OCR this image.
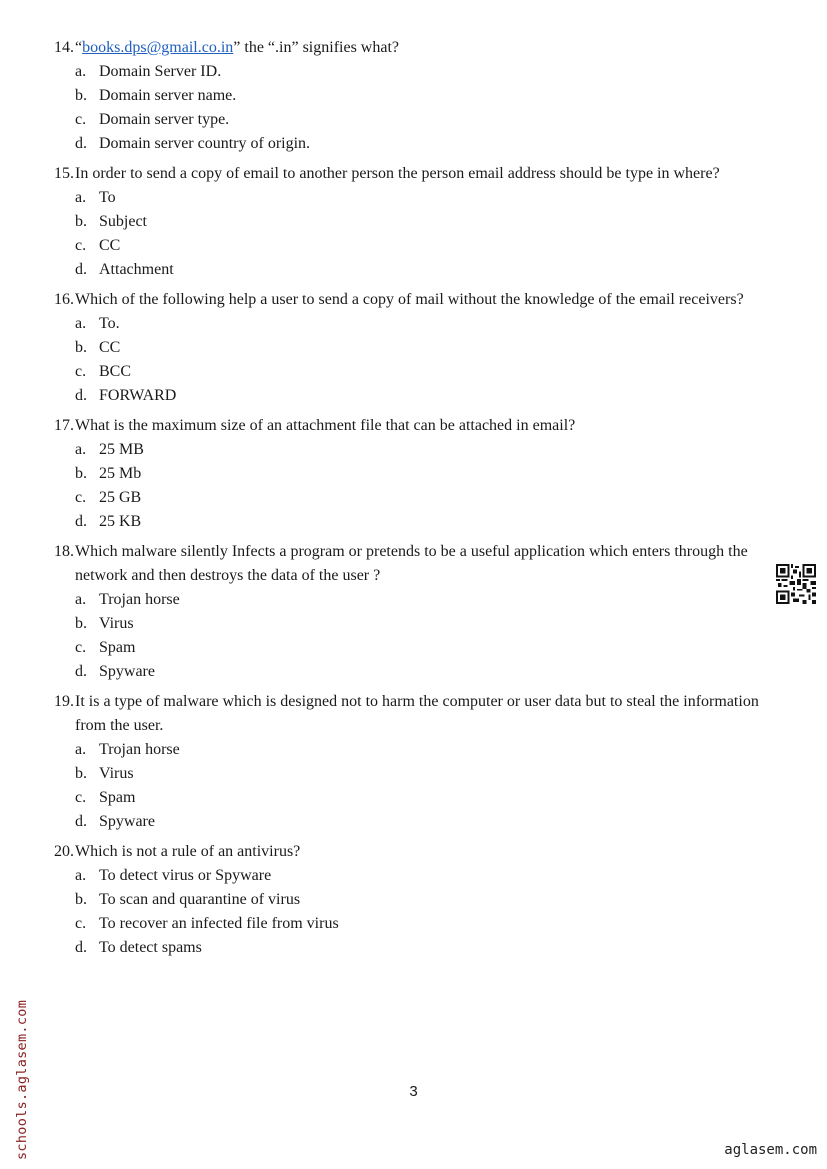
14. “books.dps@gmail.co.in” the “.in” signifies what?
a. Domain Server ID.
b. Domain server name.
c. Domain server type.
d. Domain server country of origin.
15. In order to send a copy of email to another person the person email address should be type in where?
a. To
b. Subject
c. CC
d. Attachment
16. Which of the following help a user to send a copy of mail without the knowledge of the email receivers?
a. To.
b. CC
c. BCC
d. FORWARD
17. What is the maximum size of an attachment file that can be attached in email?
a. 25 MB
b. 25 Mb
c. 25 GB
d. 25 KB
18. Which malware silently Infects a program or pretends to be a useful application which enters through the network and then destroys the data of the user ?
a. Trojan horse
b. Virus
c. Spam
d. Spyware
19. It is a type of malware which is designed not to harm the computer or user data but to steal the information from the user.
a. Trojan horse
b. Virus
c. Spam
d. Spyware
20. Which is not a rule of an antivirus?
a. To detect virus or Spyware
b. To scan and quarantine of virus
c. To recover an infected file from virus
d. To detect spams
3
schools.aglasem.com	aglasem.com
